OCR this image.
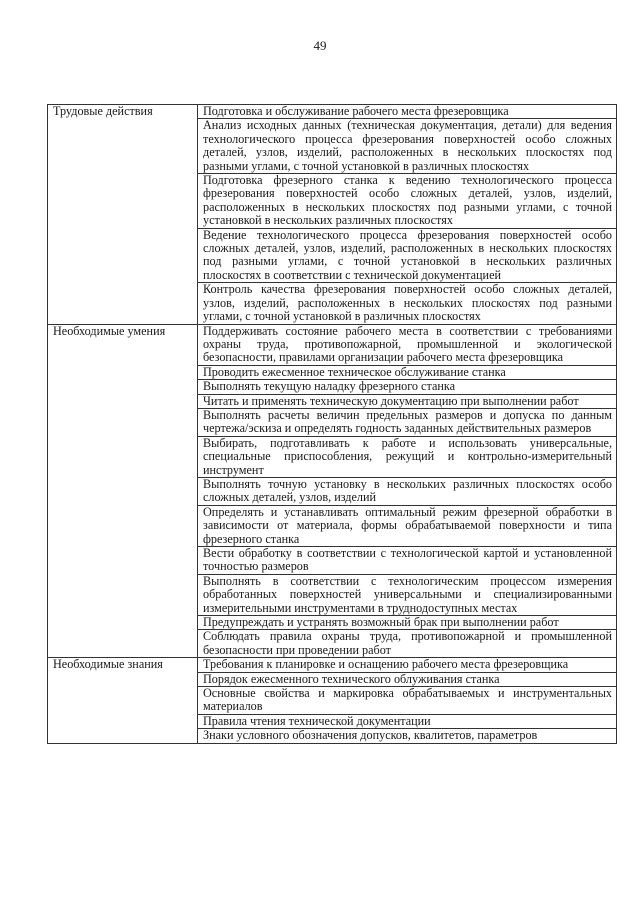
49
Трудовые действия	Подготовка и обслуживание рабочего места фрезеровщика
	Анализ исходных данных (техническая документация, детали) для ведения технологического процесса фрезерования поверхностей особо сложных деталей, узлов, изделий, расположенных в нескольких плоскостях под разными углами, с точной установкой в различных плоскостях
	Подготовка фрезерного станка к ведению технологического процесса фрезерования поверхностей особо сложных деталей, узлов, изделий, расположенных в нескольких плоскостях под разными углами, с точной установкой в нескольких различных плоскостях
	Ведение технологического процесса фрезерования поверхностей особо сложных деталей, узлов, изделий, расположенных в нескольких плоскостях под разными углами, с точной установкой в нескольких различных плоскостях в соответствии с технической документацией
	Контроль качества фрезерования поверхностей особо сложных деталей, узлов, изделий, расположенных в нескольких плоскостях под разными углами, с точной установкой в различных плоскостях
Необходимые умения	Поддерживать состояние рабочего места в соответствии с требованиями охраны труда, противопожарной, промышленной и экологической безопасности, правилами организации рабочего места фрезеровщика
	Проводить ежесменное техническое обслуживание станка
	Выполнять текущую наладку фрезерного станка
	Читать и применять техническую документацию при выполнении работ
	Выполнять расчеты величин предельных размеров и допуска по данным чертежа/эскиза и определять годность заданных действительных размеров
	Выбирать, подготавливать к работе и использовать универсальные, специальные приспособления, режущий и контрольно-измерительный инструмент
	Выполнять точную установку в нескольких различных плоскостях особо сложных деталей, узлов, изделий
	Определять и устанавливать оптимальный режим фрезерной обработки в зависимости от материала, формы обрабатываемой поверхности и типа фрезерного станка
	Вести обработку в соответствии с технологической картой и установленной точностью размеров
	Выполнять в соответствии с технологическим процессом измерения обработанных поверхностей универсальными и специализированными измерительными инструментами в труднодоступных местах
	Предупреждать и устранять возможный брак при выполнении работ
	Соблюдать правила охраны труда, противопожарной и промышленной безопасности при проведении работ
Необходимые знания	Требования к планировке и оснащению рабочего места фрезеровщика
	Порядок ежесменного технического облуживания станка
	Основные свойства и маркировка обрабатываемых и инструментальных материалов
	Правила чтения технической документации
	Знаки условного обозначения допусков, квалитетов, параметров
